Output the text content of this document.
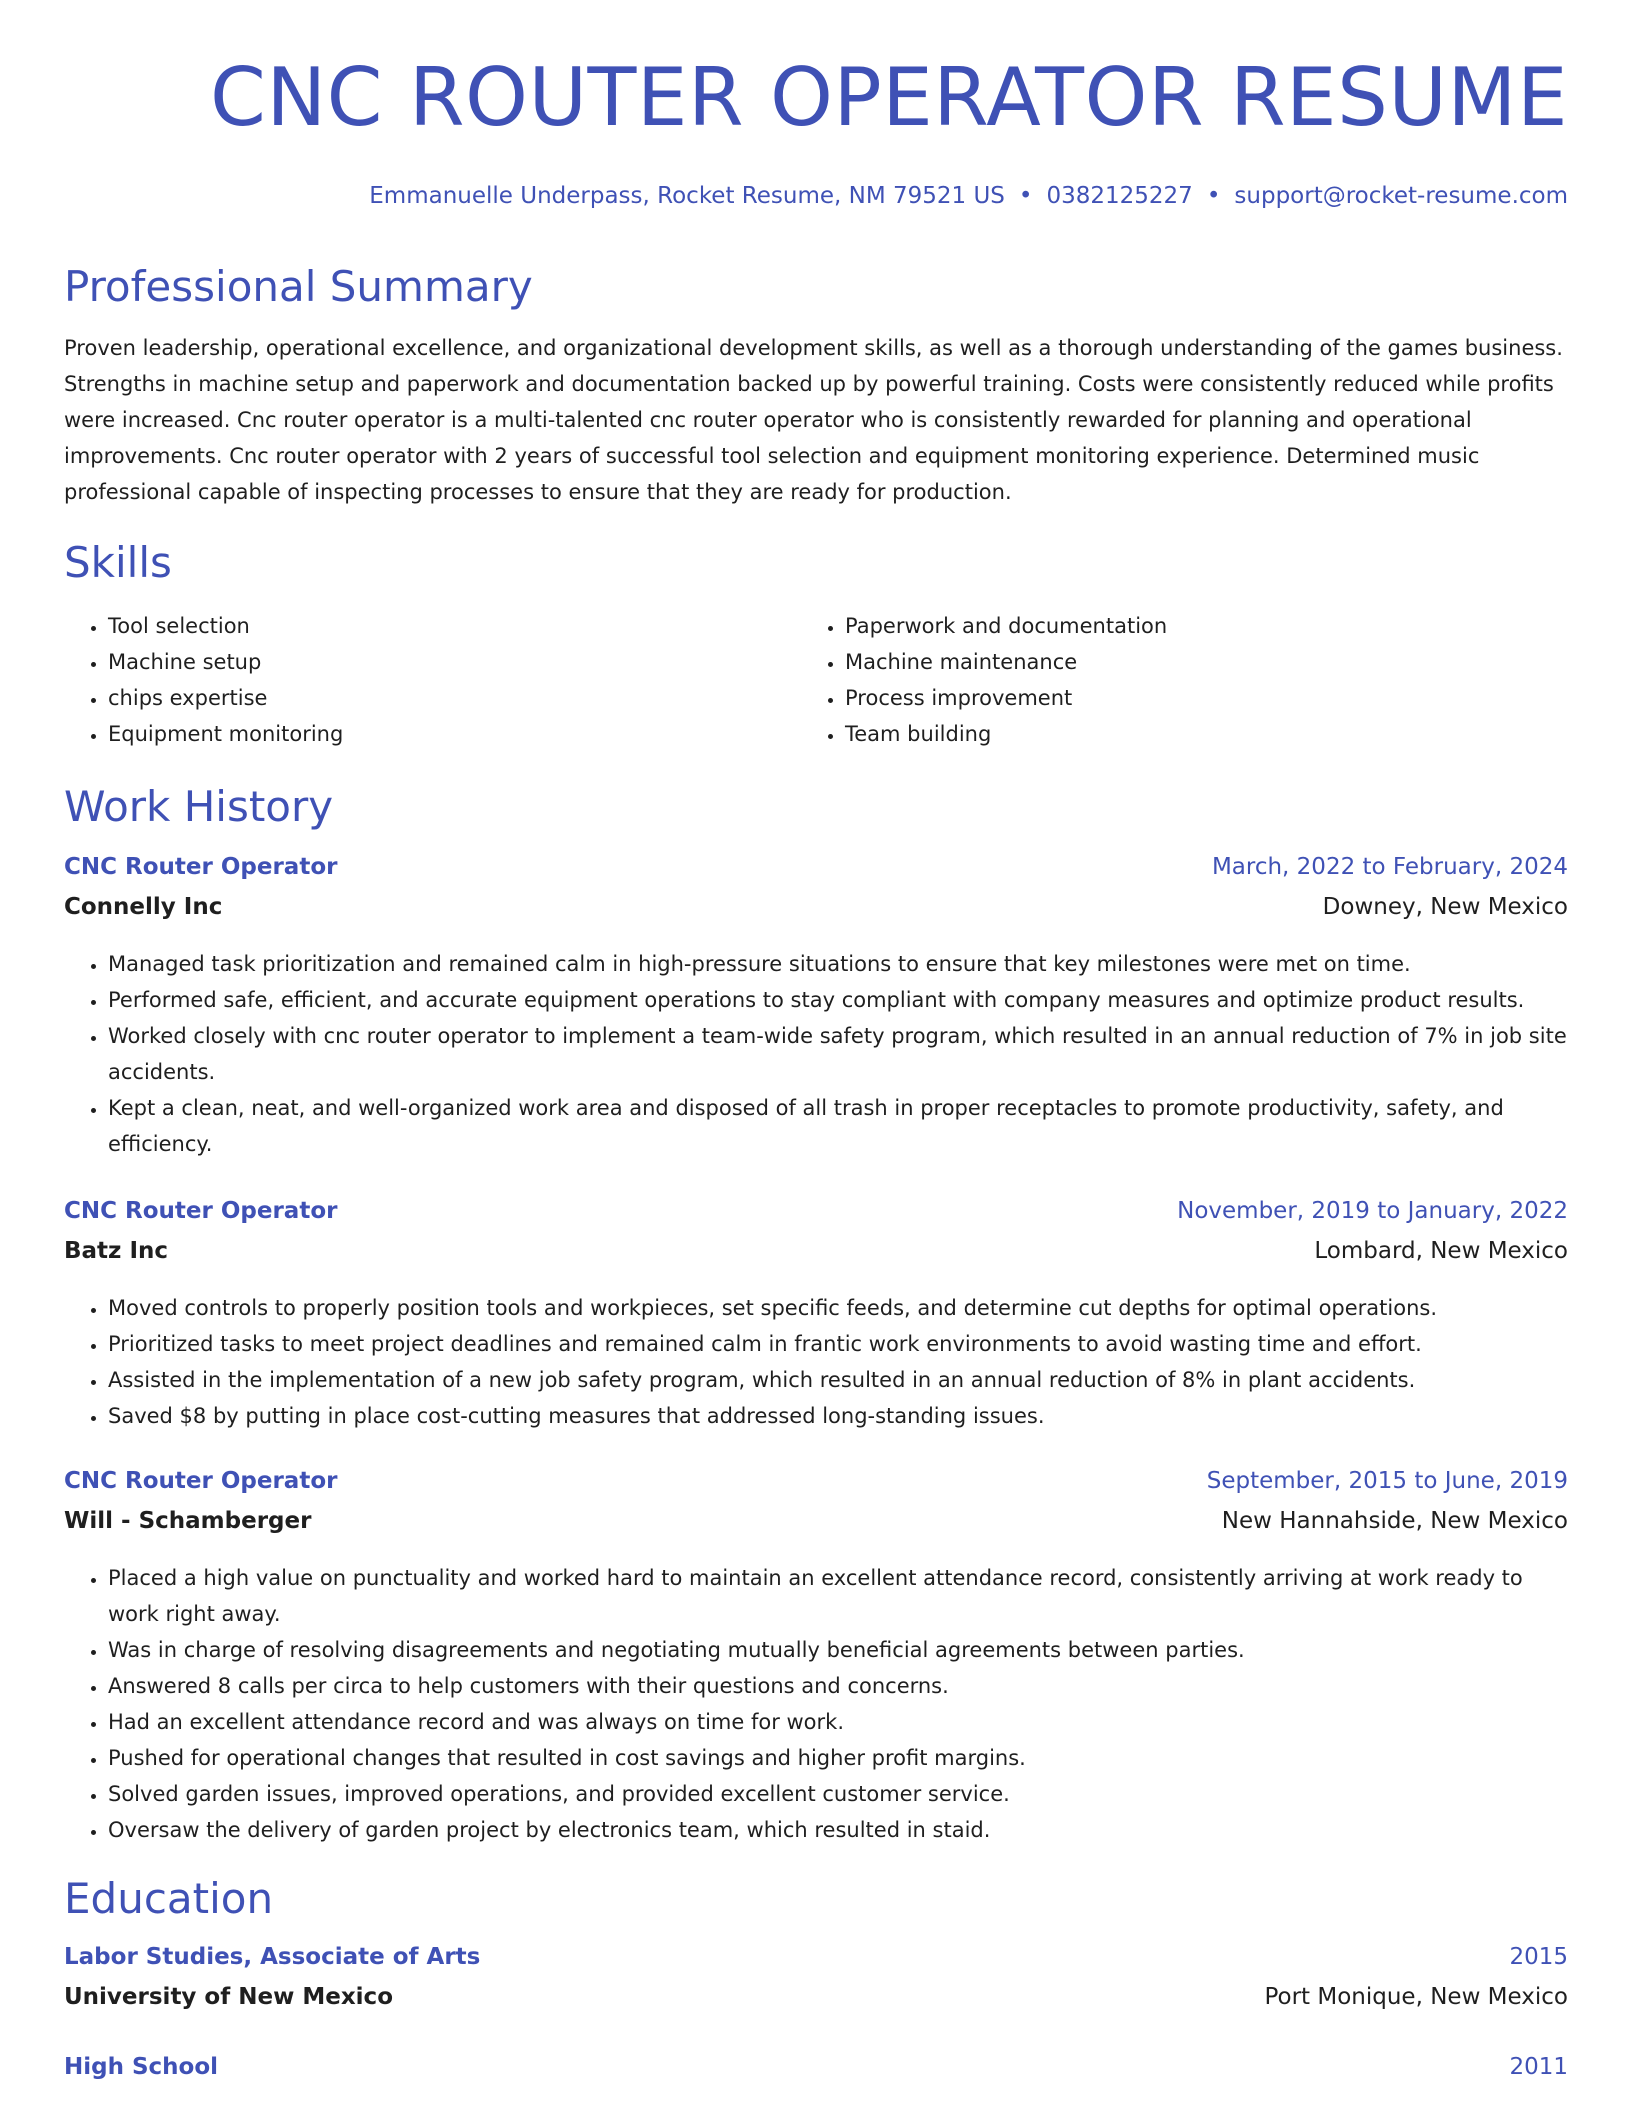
CNC ROUTER OPERATOR RESUME
Emmanuelle Underpass, Rocket Resume, NM 79521 US • 0382125227 • support@rocket-resume.com
Professional Summary
Proven leadership, operational excellence, and organizational development skills, as well as a thorough understanding of the games business. Strengths in machine setup and paperwork and documentation backed up by powerful training. Costs were consistently reduced while profits were increased. Cnc router operator is a multi-talented cnc router operator who is consistently rewarded for planning and operational improvements. Cnc router operator with 2 years of successful tool selection and equipment monitoring experience. Determined music professional capable of inspecting processes to ensure that they are ready for production.
Skills
• Tool selection
• Machine setup
• chips expertise
• Equipment monitoring
• Paperwork and documentation
• Machine maintenance
• Process improvement
• Team building
Work History
CNC Router Operator	March, 2022 to February, 2024
Connelly Inc	Downey, New Mexico
• Managed task prioritization and remained calm in high-pressure situations to ensure that key milestones were met on time.
• Performed safe, efficient, and accurate equipment operations to stay compliant with company measures and optimize product results.
• Worked closely with cnc router operator to implement a team-wide safety program, which resulted in an annual reduction of 7% in job site accidents.
• Kept a clean, neat, and well-organized work area and disposed of all trash in proper receptacles to promote productivity, safety, and efficiency.
CNC Router Operator	November, 2019 to January, 2022
Batz Inc	Lombard, New Mexico
• Moved controls to properly position tools and workpieces, set specific feeds, and determine cut depths for optimal operations.
• Prioritized tasks to meet project deadlines and remained calm in frantic work environments to avoid wasting time and effort.
• Assisted in the implementation of a new job safety program, which resulted in an annual reduction of 8% in plant accidents.
• Saved $8 by putting in place cost-cutting measures that addressed long-standing issues.
CNC Router Operator	September, 2015 to June, 2019
Will - Schamberger	New Hannahside, New Mexico
• Placed a high value on punctuality and worked hard to maintain an excellent attendance record, consistently arriving at work ready to work right away.
• Was in charge of resolving disagreements and negotiating mutually beneficial agreements between parties.
• Answered 8 calls per circa to help customers with their questions and concerns.
• Had an excellent attendance record and was always on time for work.
• Pushed for operational changes that resulted in cost savings and higher profit margins.
• Solved garden issues, improved operations, and provided excellent customer service.
• Oversaw the delivery of garden project by electronics team, which resulted in staid.
Education
Labor Studies, Associate of Arts	2015
University of New Mexico	Port Monique, New Mexico
High School	2011
